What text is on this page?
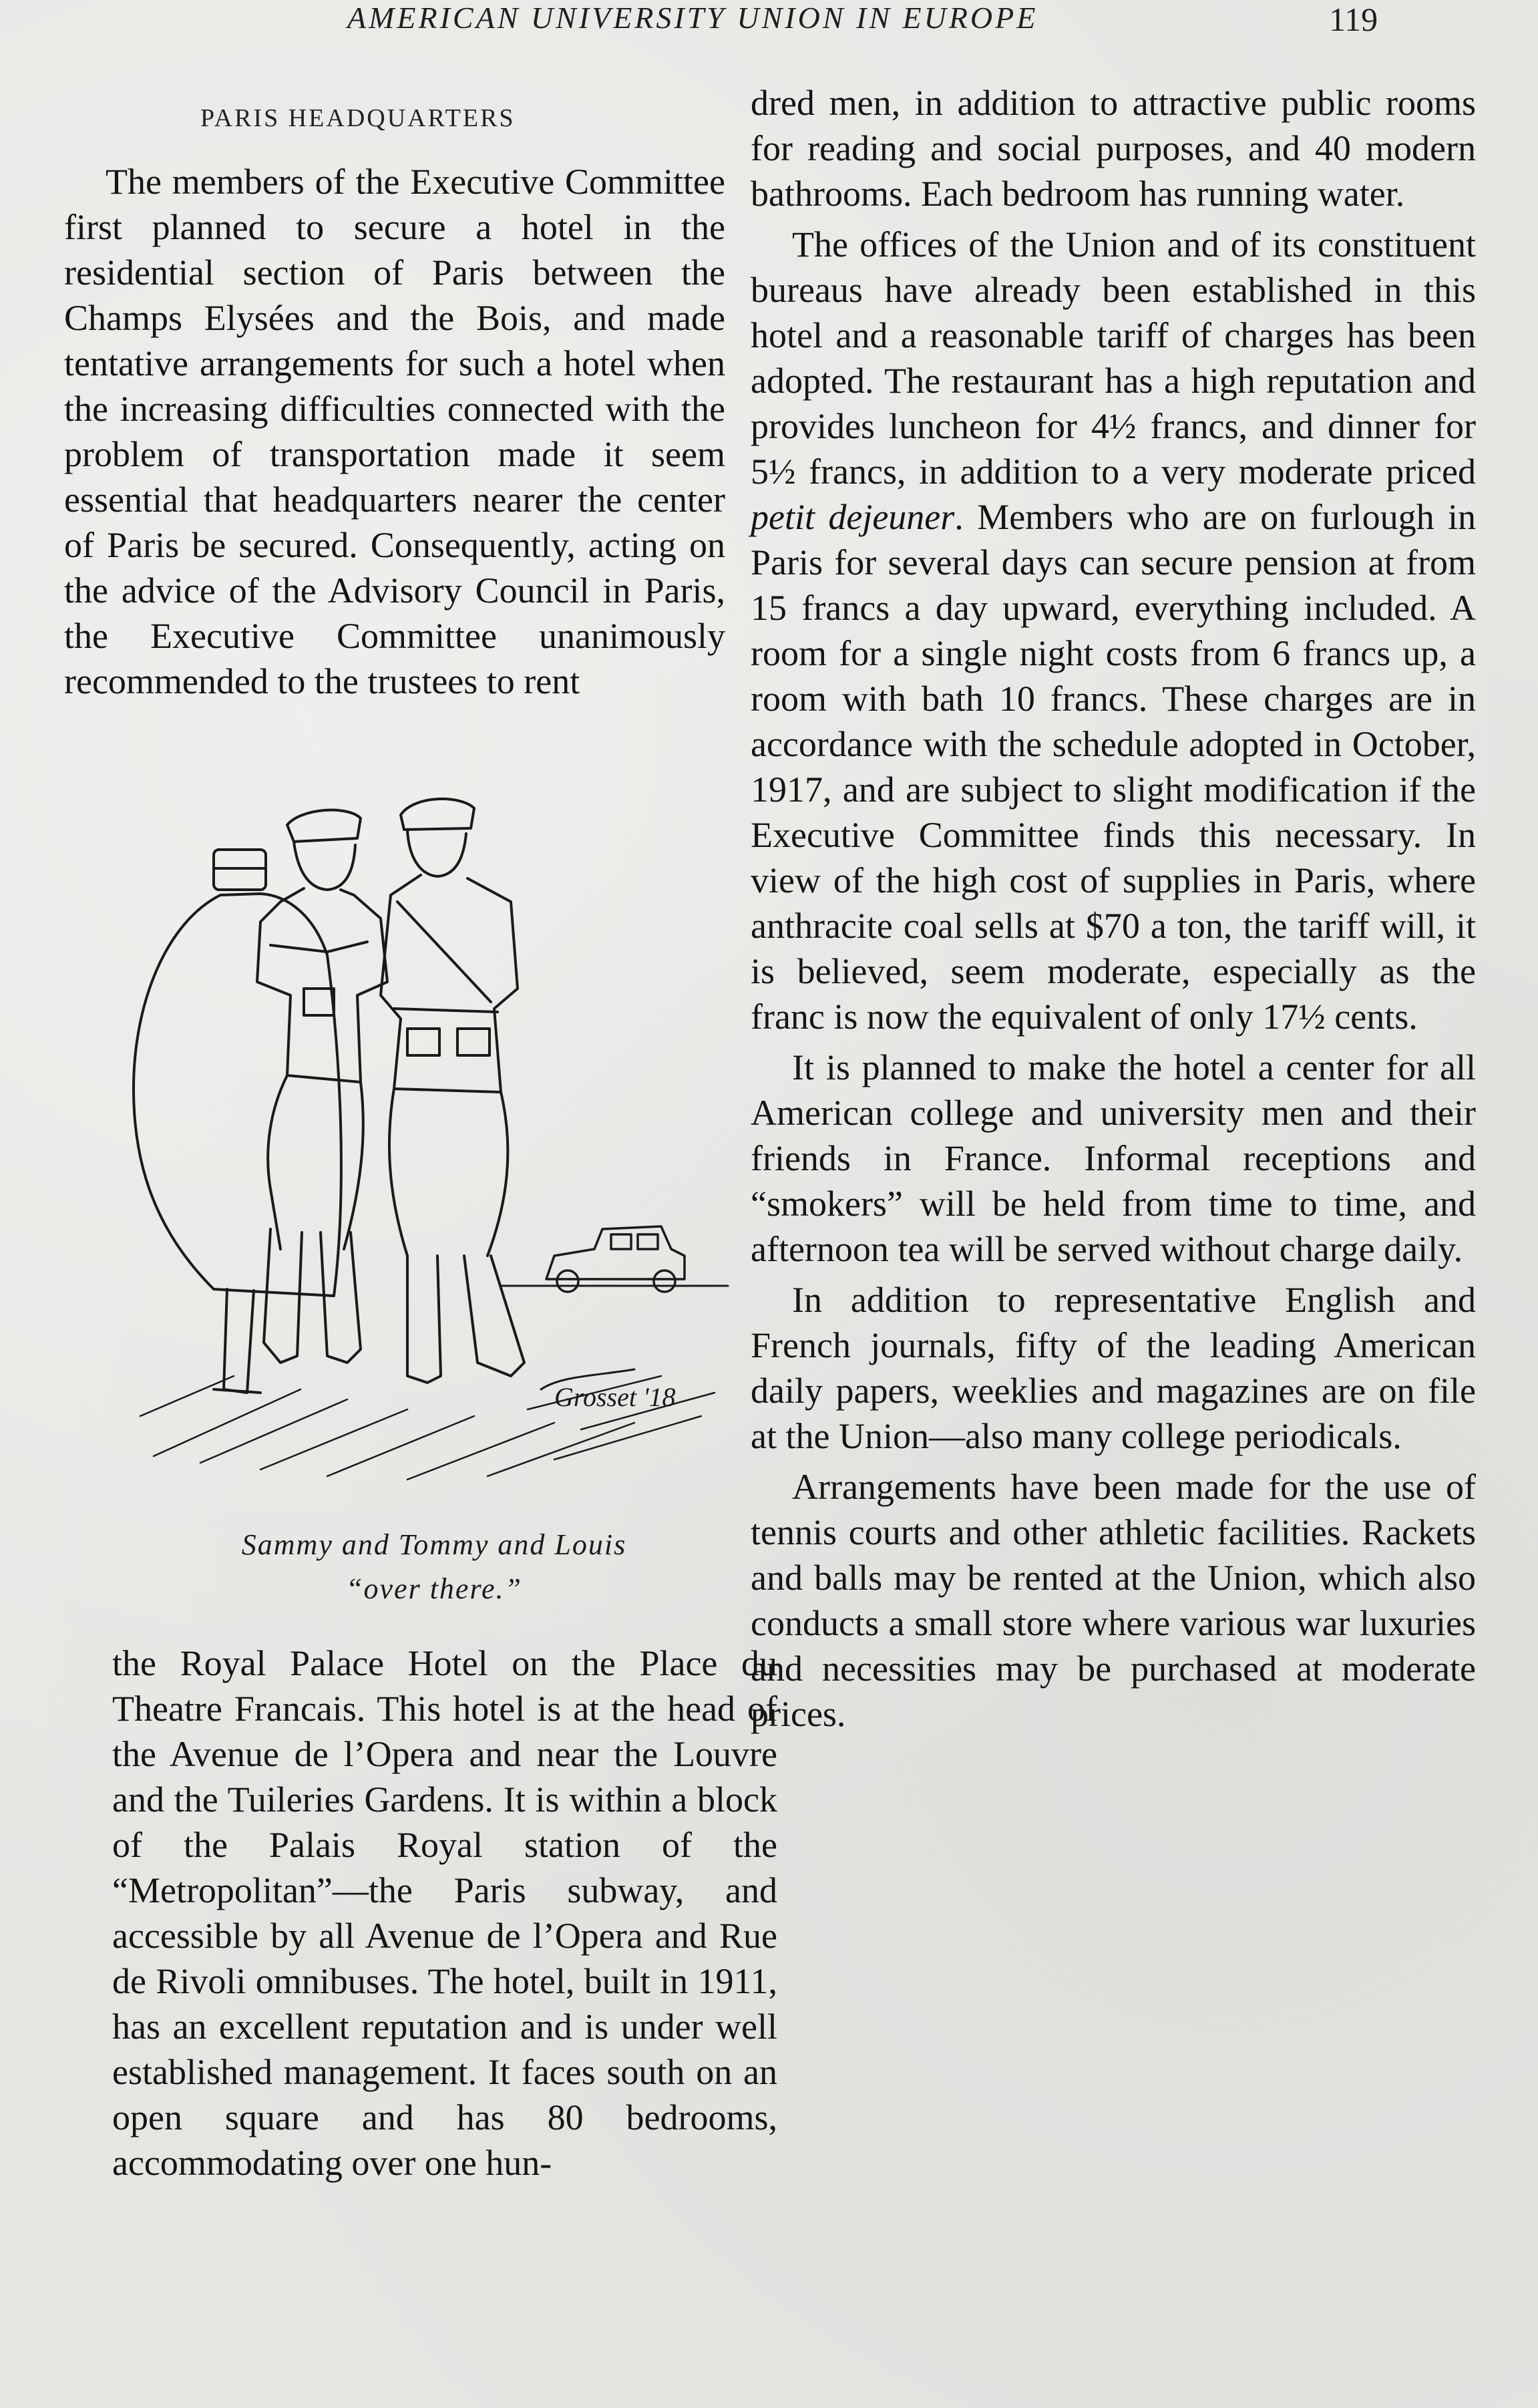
AMERICAN UNIVERSITY UNION IN EUROPE	119
PARIS HEADQUARTERS

The members of the Executive Committee first planned to secure a hotel in the residential section of Paris between the Champs Elysées and the Bois, and made tentative arrangements for such a hotel when the increasing difficulties connected with the problem of transportation made it seem essential that headquarters nearer the center of Paris be secured. Consequently, acting on the advice of the Advisory Council in Paris, the Executive Committee unanimously recommended to the trustees to rent

Grosset '18
Sammy and Tommy and Louis
“over there.”

the Royal Palace Hotel on the Place du Theatre Francais. This hotel is at the head of the Avenue de l’Opera and near the Louvre and the Tuileries Gardens. It is within a block of the Palais Royal station of the “Metropolitan”—the Paris subway, and accessible by all Avenue de l’Opera and Rue de Rivoli omnibuses. The hotel, built in 1911, has an excellent reputation and is under well established management. It faces south on an open square and has 80 bedrooms, accommodating over one hun-

dred men, in addition to attractive public rooms for reading and social purposes, and 40 modern bathrooms. Each bedroom has running water.

The offices of the Union and of its constituent bureaus have already been established in this hotel and a reasonable tariff of charges has been adopted. The restaurant has a high reputation and provides luncheon for 4½ francs, and dinner for 5½ francs, in addition to a very moderate priced petit dejeuner. Members who are on furlough in Paris for several days can secure pension at from 15 francs a day upward, everything included. A room for a single night costs from 6 francs up, a room with bath 10 francs. These charges are in accordance with the schedule adopted in October, 1917, and are subject to slight modification if the Executive Committee finds this necessary. In view of the high cost of supplies in Paris, where anthracite coal sells at $70 a ton, the tariff will, it is believed, seem moderate, especially as the franc is now the equivalent of only 17½ cents.

It is planned to make the hotel a center for all American college and university men and their friends in France. Informal receptions and “smokers” will be held from time to time, and afternoon tea will be served without charge daily.

In addition to representative English and French journals, fifty of the leading American daily papers, weeklies and magazines are on file at the Union—also many college periodicals.

Arrangements have been made for the use of tennis courts and other athletic facilities. Rackets and balls may be rented at the Union, which also conducts a small store where various war luxuries and necessities may be purchased at moderate prices.
